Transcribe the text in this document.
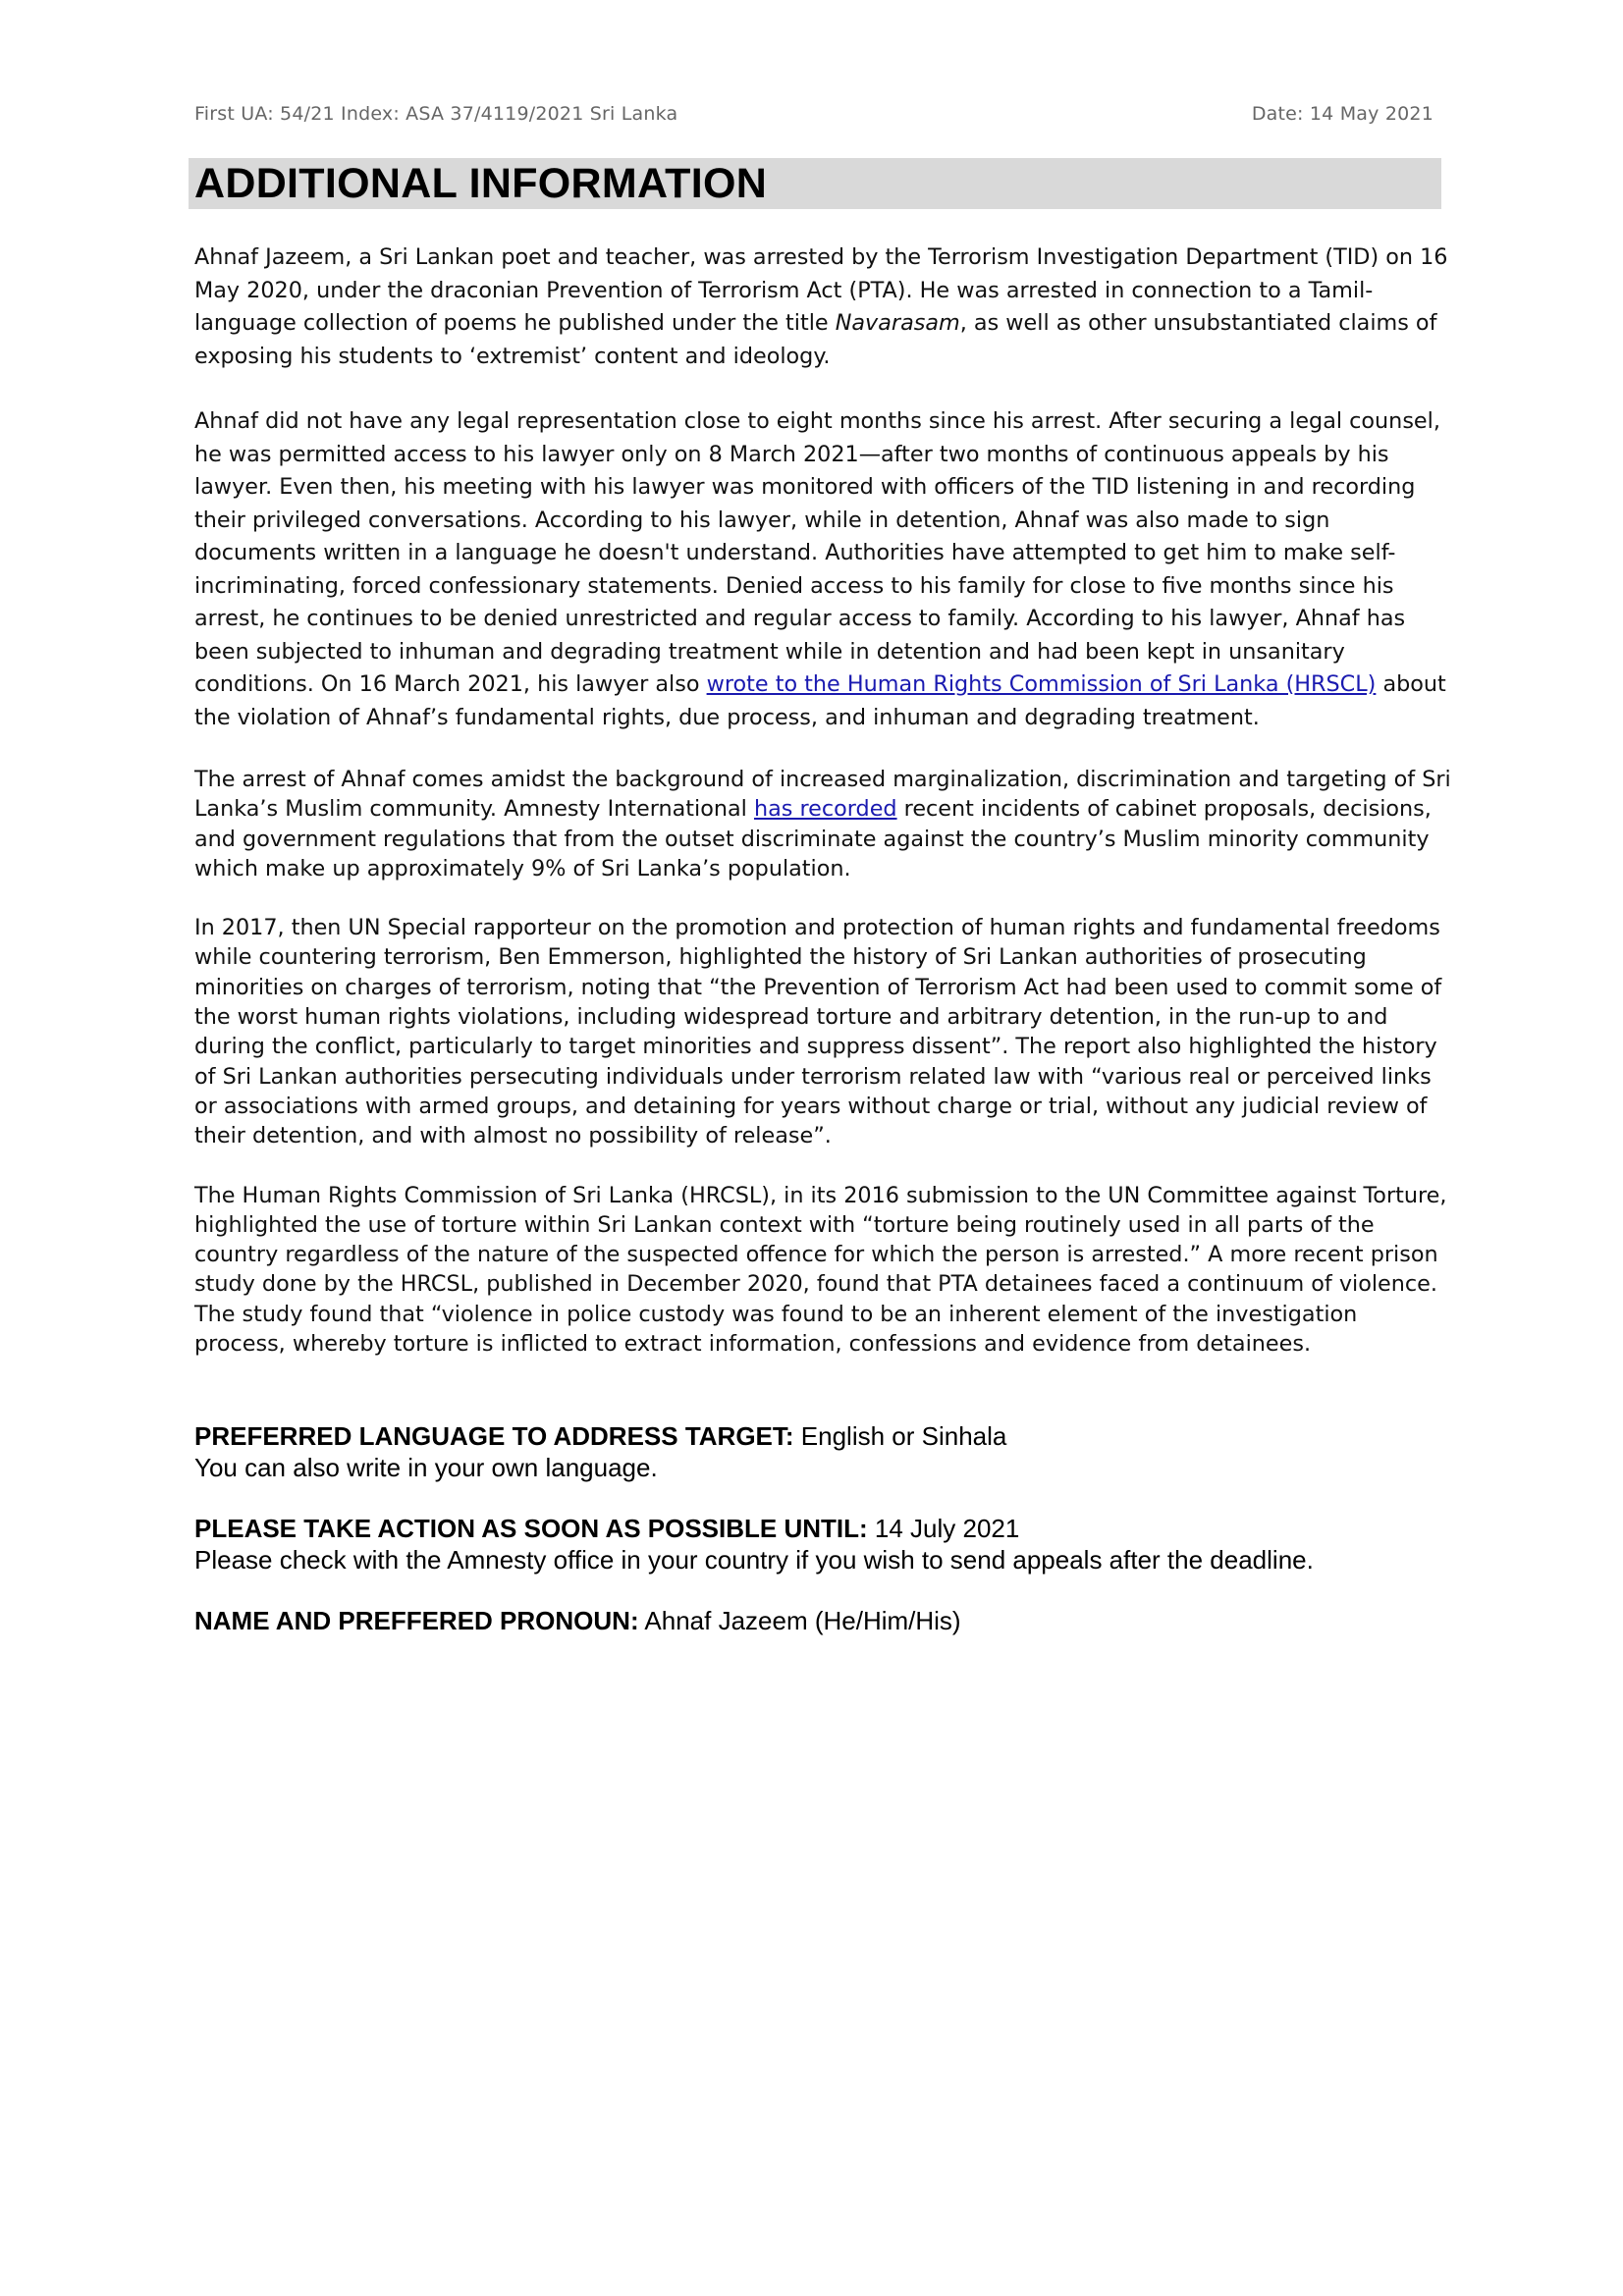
First UA: 54/21 Index: ASA 37/4119/2021 Sri Lanka	Date: 14 May 2021
ADDITIONAL INFORMATION

Ahnaf Jazeem, a Sri Lankan poet and teacher, was arrested by the Terrorism Investigation Department (TID) on 16 May 2020, under the draconian Prevention of Terrorism Act (PTA). He was arrested in connection to a Tamil-language collection of poems he published under the title Navarasam, as well as other unsubstantiated claims of exposing his students to ‘extremist’ content and ideology.

Ahnaf did not have any legal representation close to eight months since his arrest. After securing a legal counsel, he was permitted access to his lawyer only on 8 March 2021—after two months of continuous appeals by his lawyer. Even then, his meeting with his lawyer was monitored with officers of the TID listening in and recording their privileged conversations. According to his lawyer, while in detention, Ahnaf was also made to sign documents written in a language he doesn't understand. Authorities have attempted to get him to make self-incriminating, forced confessionary statements. Denied access to his family for close to five months since his arrest, he continues to be denied unrestricted and regular access to family. According to his lawyer, Ahnaf has been subjected to inhuman and degrading treatment while in detention and had been kept in unsanitary conditions. On 16 March 2021, his lawyer also wrote to the Human Rights Commission of Sri Lanka (HRSCL) about the violation of Ahnaf’s fundamental rights, due process, and inhuman and degrading treatment.

The arrest of Ahnaf comes amidst the background of increased marginalization, discrimination and targeting of Sri Lanka’s Muslim community. Amnesty International has recorded recent incidents of cabinet proposals, decisions, and government regulations that from the outset discriminate against the country’s Muslim minority community which make up approximately 9% of Sri Lanka’s population.

In 2017, then UN Special rapporteur on the promotion and protection of human rights and fundamental freedoms while countering terrorism, Ben Emmerson, highlighted the history of Sri Lankan authorities of prosecuting minorities on charges of terrorism, noting that “the Prevention of Terrorism Act had been used to commit some of the worst human rights violations, including widespread torture and arbitrary detention, in the run-up to and during the conflict, particularly to target minorities and suppress dissent”. The report also highlighted the history of Sri Lankan authorities persecuting individuals under terrorism related law with “various real or perceived links or associations with armed groups, and detaining for years without charge or trial, without any judicial review of their detention, and with almost no possibility of release”.

The Human Rights Commission of Sri Lanka (HRCSL), in its 2016 submission to the UN Committee against Torture, highlighted the use of torture within Sri Lankan context with “torture being routinely used in all parts of the country regardless of the nature of the suspected offence for which the person is arrested.” A more recent prison study done by the HRCSL, published in December 2020, found that PTA detainees faced a continuum of violence. The study found that “violence in police custody was found to be an inherent element of the investigation process, whereby torture is inflicted to extract information, confessions and evidence from detainees.

PREFERRED LANGUAGE TO ADDRESS TARGET: English or Sinhala
You can also write in your own language.
PLEASE TAKE ACTION AS SOON AS POSSIBLE UNTIL: 14 July 2021
Please check with the Amnesty office in your country if you wish to send appeals after the deadline.
NAME AND PREFFERED PRONOUN: Ahnaf Jazeem (He/Him/His)
